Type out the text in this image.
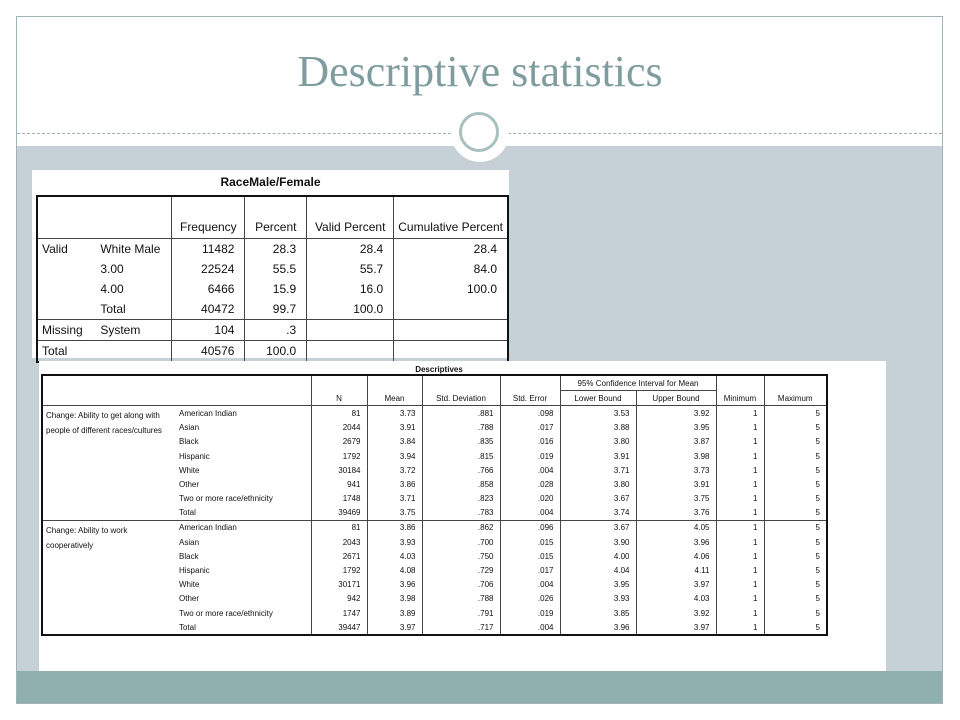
Descriptive statistics
RaceMale/Female
		Frequency	Percent	Valid Percent	Cumulative Percent
Valid	White Male	11482	28.3	28.4	28.4
	3.00	22524	55.5	55.7	84.0
	4.00	6466	15.9	16.0	100.0
	Total	40472	99.7	100.0	
Missing	System	104	.3		
Total		40576	100.0		
Descriptives
						95% Confidence Interval for Mean			
		N	Mean	Std. Deviation	Std. Error	Lower Bound	Upper Bound	Minimum	Maximum
Change: Ability to get along with people of different races/cultures	American Indian	81	3.73	.881	.098	3.53	3.92	1	5
	Asian	2044	3.91	.788	.017	3.88	3.95	1	5
	Black	2679	3.84	.835	.016	3.80	3.87	1	5
	Hispanic	1792	3.94	.815	.019	3.91	3.98	1	5
	White	30184	3.72	.766	.004	3.71	3.73	1	5
	Other	941	3.86	.858	.028	3.80	3.91	1	5
	Two or more race/ethnicity	1748	3.71	.823	.020	3.67	3.75	1	5
	Total	39469	3.75	.783	.004	3.74	3.76	1	5
Change: Ability to work cooperatively	American Indian	81	3.86	.862	.096	3.67	4.05	1	5
	Asian	2043	3.93	.700	.015	3.90	3.96	1	5
	Black	2671	4.03	.750	.015	4.00	4.06	1	5
	Hispanic	1792	4.08	.729	.017	4.04	4.11	1	5
	White	30171	3.96	.706	.004	3.95	3.97	1	5
	Other	942	3.98	.788	.026	3.93	4.03	1	5
	Two or more race/ethnicity	1747	3.89	.791	.019	3.85	3.92	1	5
	Total	39447	3.97	.717	.004	3.96	3.97	1	5
